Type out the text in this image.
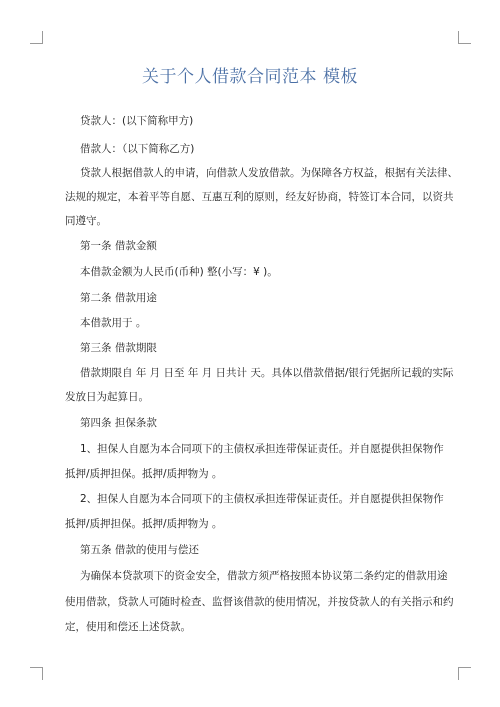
关于个人借款合同范本 模板
贷款人：(以下简称甲方)
借款人：（以下简称乙方)
贷款人根据借款人的申请，向借款人发放借款。为保障各方权益，根据有关法律、
法规的规定，本着平等自愿、互惠互利的原则，经友好协商，特签订本合同，以资共
同遵守。
第一条 借款金额
本借款金额为人民币(币种) 整(小写：¥ )。
第二条 借款用途
本借款用于 。
第三条 借款期限
借款期限自 年 月 日至 年 月 日共计 天。具体以借款借据/银行凭据所记载的实际
发放日为起算日。
第四条 担保条款
1、担保人自愿为本合同项下的主债权承担连带保证责任。并自愿提供担保物作
抵押/质押担保。抵押/质押物为 。
2、担保人自愿为本合同项下的主债权承担连带保证责任。并自愿提供担保物作
抵押/质押担保。抵押/质押物为 。
第五条 借款的使用与偿还
为确保本贷款项下的资金安全，借款方须严格按照本协议第二条约定的借款用途
使用借款，贷款人可随时检查、监督该借款的使用情况，并按贷款人的有关指示和约
定，使用和偿还上述贷款。
